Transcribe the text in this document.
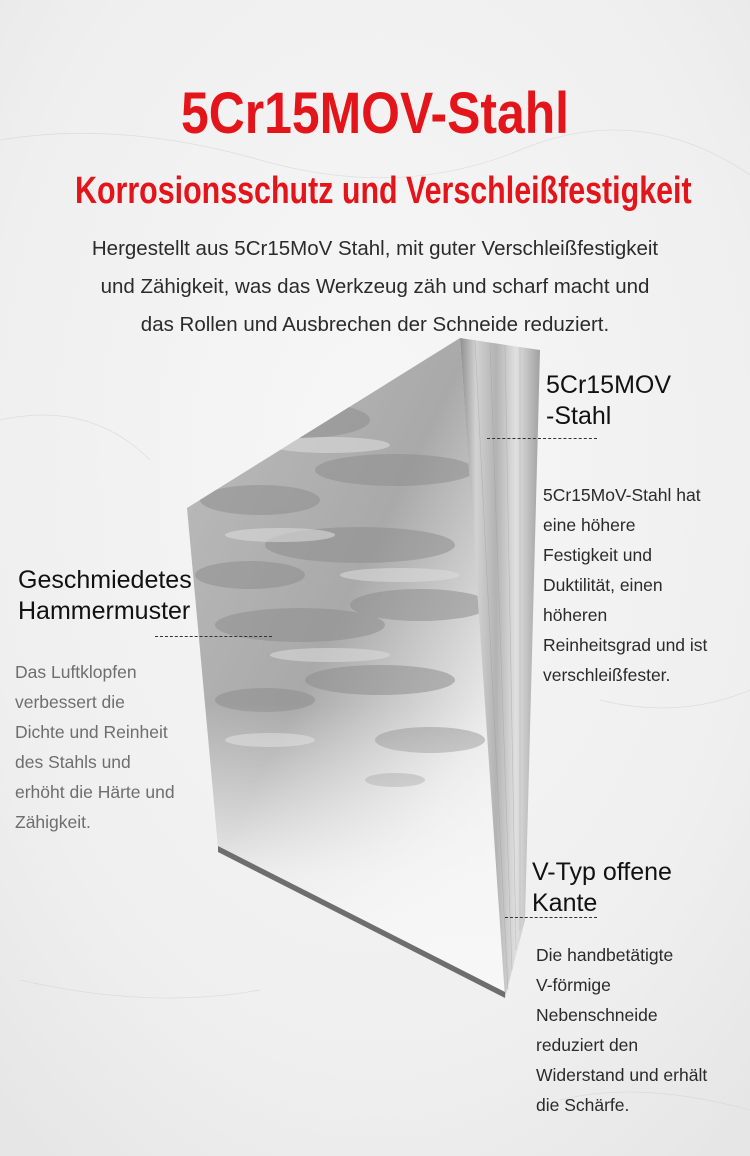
5Cr15MOV-Stahl
Korrosionsschutz und Verschleißfestigkeit
Hergestellt aus 5Cr15MoV Stahl, mit guter Verschleißfestigkeit
und Zähigkeit, was das Werkzeug zäh und scharf macht und
das Rollen und Ausbrechen der Schneide reduziert.
5Cr15MOV
-Stahl
5Cr15MoV-Stahl hat
eine höhere
Festigkeit und
Duktilität, einen
höheren
Reinheitsgrad und ist
verschleißfester.
Geschmiedetes
Hammermuster
Das Luftklopfen
verbessert die
Dichte und Reinheit
des Stahls und
erhöht die Härte und
Zähigkeit.
V-Typ offene
Kante
Die handbetätigte
V-förmige
Nebenschneide
reduziert den
Widerstand und erhält
die Schärfe.
